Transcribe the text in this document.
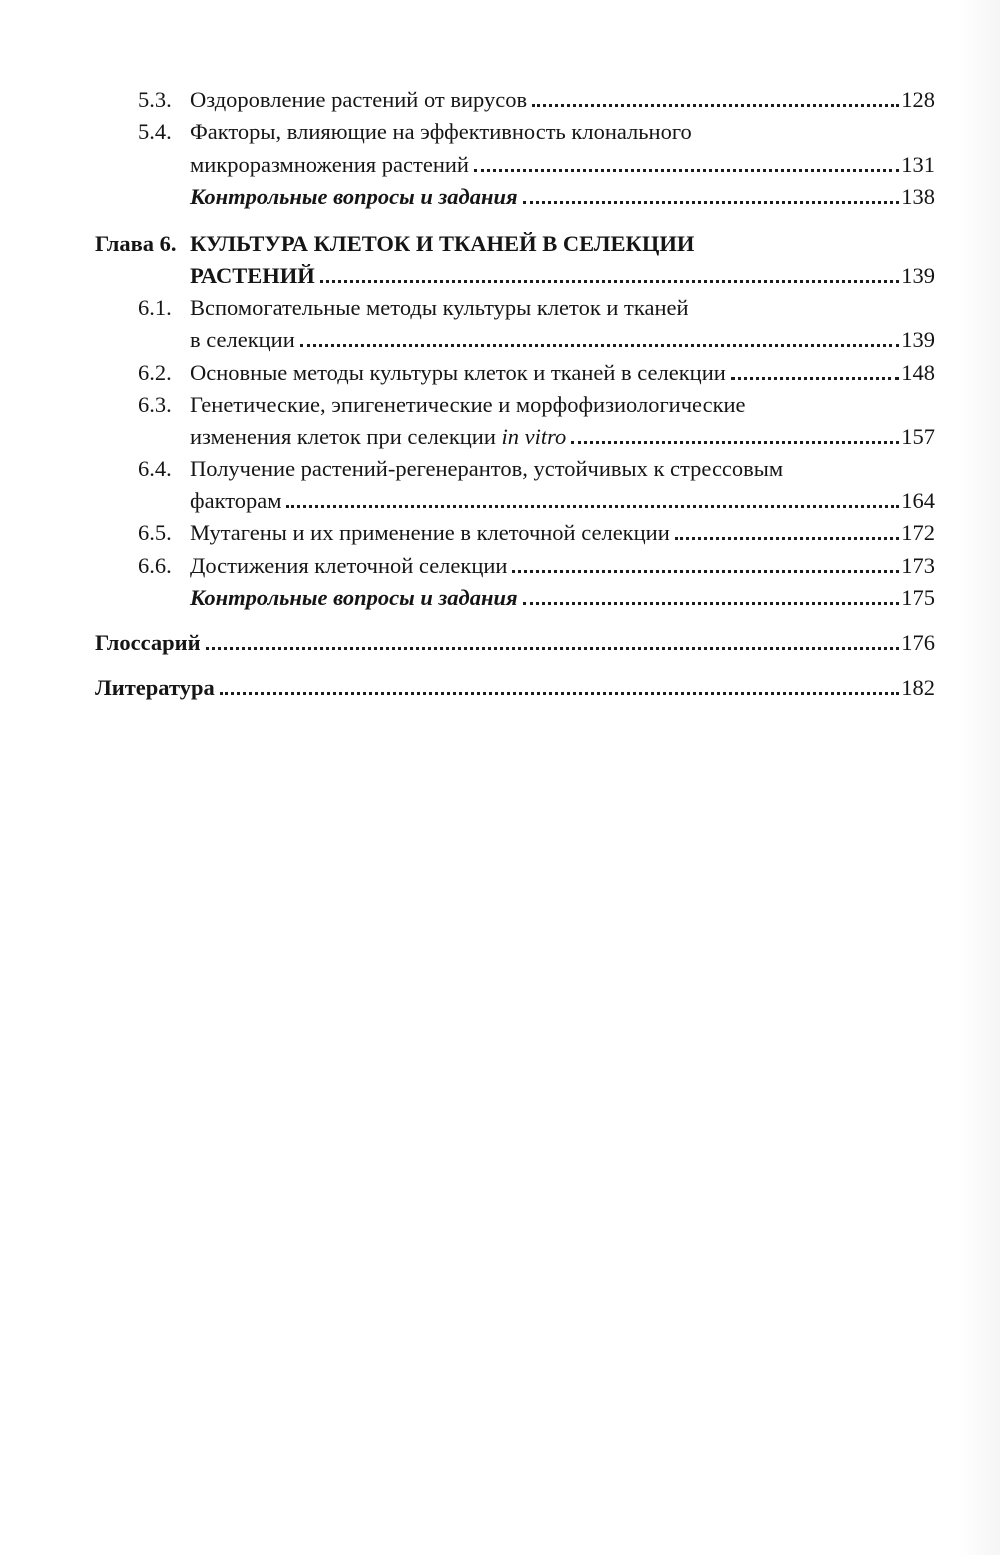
5.3. Оздоровление растений от вирусов	128
5.4. Факторы, влияющие на эффективность клонального
микроразмножения растений	131
Контрольные вопросы и задания	138
Глава 6. КУЛЬТУРА КЛЕТОК И ТКАНЕЙ В СЕЛЕКЦИИ
РАСТЕНИЙ	139
6.1. Вспомогательные методы культуры клеток и тканей
в селекции	139
6.2. Основные методы культуры клеток и тканей в селекции	148
6.3. Генетические, эпигенетические и морфофизиологические
изменения клеток при селекции in vitro	157
6.4. Получение растений-регенерантов, устойчивых к стрессовым
факторам	164
6.5. Мутагены и их применение в клеточной селекции	172
6.6. Достижения клеточной селекции	173
Контрольные вопросы и задания	175
Глоссарий	176
Литература	182
